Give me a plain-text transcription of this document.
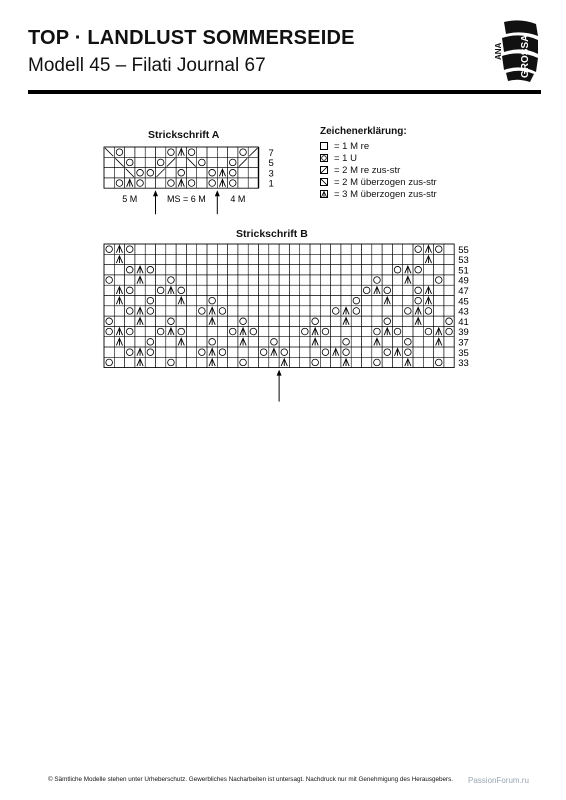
TOP · LANDLUST SOMMERSEIDE
Modell 45 – Filati Journal 67
ANA GROSSA
Strickschrift A
7
5
3
1
5 M	MS = 6 M	4 M
Zeichenerklärung:
= 1 M re
= 1 U
= 2 M re zus-str
= 2 M überzogen zus-str
= 3 M überzogen zus-str
Strickschrift B
55
53
51
49
47
45
43
41
39
37
35
33
© Sämtliche Modelle stehen unter Urheberschutz. Gewerbliches Nacharbeiten ist untersagt. Nachdruck nur mit Genehmigung des Herausgebers. PassionForum.ru
